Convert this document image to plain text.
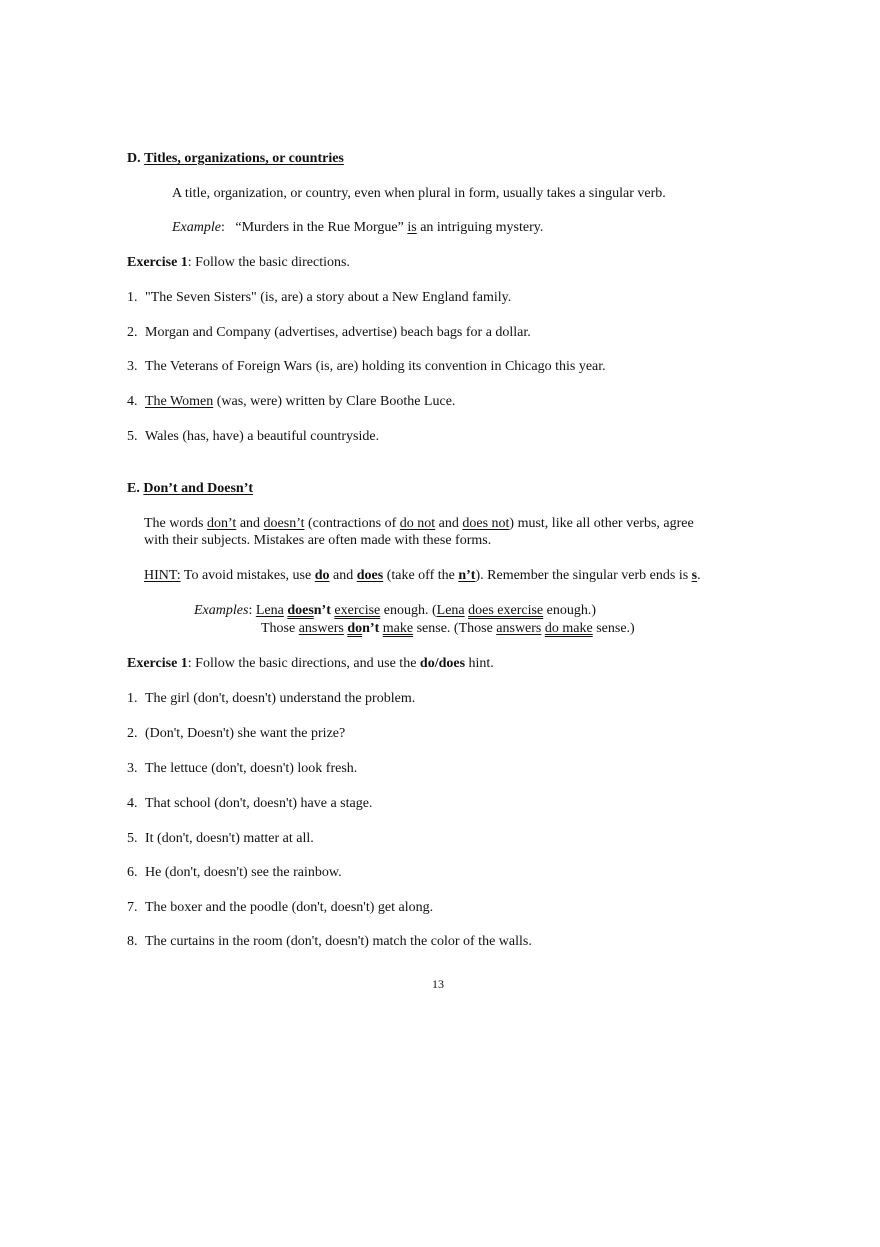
D. Titles, organizations, or countries
A title, organization, or country, even when plural in form, usually takes a singular verb.
Example: “Murders in the Rue Morgue” is an intriguing mystery.
Exercise 1: Follow the basic directions.
1. "The Seven Sisters" (is, are) a story about a New England family.
2. Morgan and Company (advertises, advertise) beach bags for a dollar.
3. The Veterans of Foreign Wars (is, are) holding its convention in Chicago this year.
4. The Women (was, were) written by Clare Boothe Luce.
5. Wales (has, have) a beautiful countryside.
E. Don’t and Doesn’t
The words don’t and doesn’t (contractions of do not and does not) must, like all other verbs, agree
with their subjects. Mistakes are often made with these forms.
HINT: To avoid mistakes, use do and does (take off the n’t). Remember the singular verb ends is s.
Examples: Lena doesn’t exercise enough. (Lena does exercise enough.)
Those answers don’t make sense. (Those answers do make sense.)
Exercise 1: Follow the basic directions, and use the do/does hint.
1. The girl (don't, doesn't) understand the problem.
2. (Don't, Doesn't) she want the prize?
3. The lettuce (don't, doesn't) look fresh.
4. That school (don't, doesn't) have a stage.
5. It (don't, doesn't) matter at all.
6. He (don't, doesn't) see the rainbow.
7. The boxer and the poodle (don't, doesn't) get along.
8. The curtains in the room (don't, doesn't) match the color of the walls.
13
